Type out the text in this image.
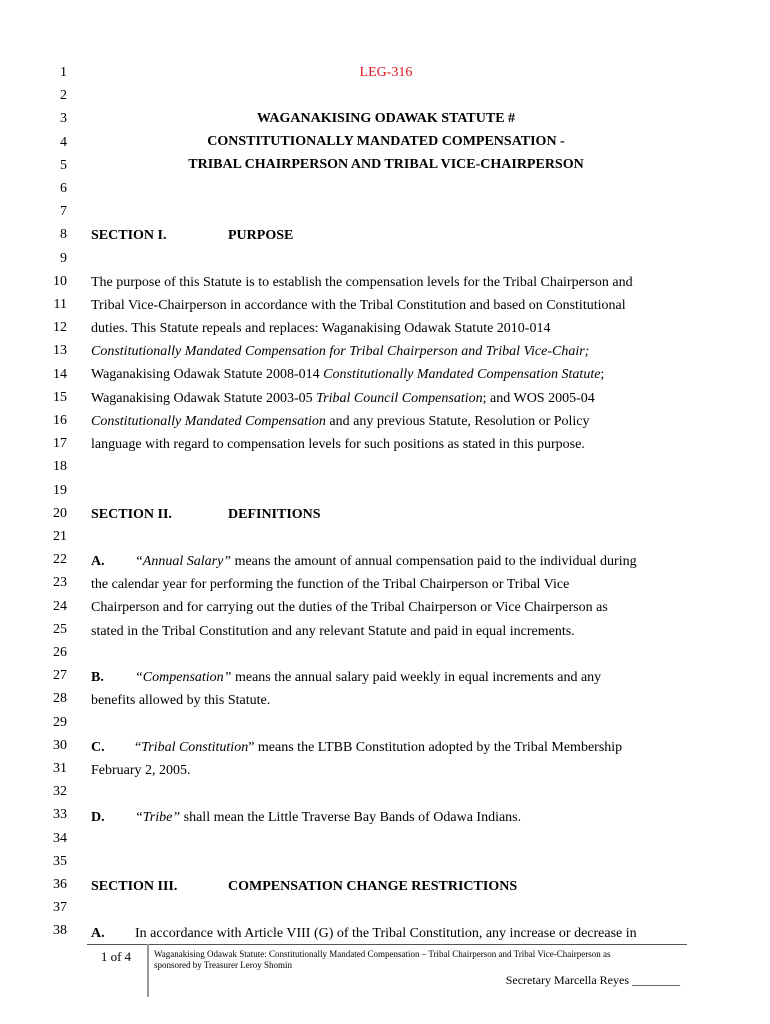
1
2
3
4
5
6
7
8
9
10
11
12
13
14
15
16
17
18
19
20
21
22
23
24
25
26
27
28
29
30
31
32
33
34
35
36
37
38
LEG-316
WAGANAKISING ODAWAK STATUTE #
CONSTITUTIONALLY MANDATED COMPENSATION -
TRIBAL CHAIRPERSON AND TRIBAL VICE-CHAIRPERSON
SECTION I.	PURPOSE
The purpose of this Statute is to establish the compensation levels for the Tribal Chairperson and
Tribal Vice-Chairperson in accordance with the Tribal Constitution and based on Constitutional
duties. This Statute repeals and replaces: Waganakising Odawak Statute 2010-014
Constitutionally Mandated Compensation for Tribal Chairperson and Tribal Vice-Chair;
Waganakising Odawak Statute 2008-014 Constitutionally Mandated Compensation Statute;
Waganakising Odawak Statute 2003-05 Tribal Council Compensation; and WOS 2005-04
Constitutionally Mandated Compensation and any previous Statute, Resolution or Policy
language with regard to compensation levels for such positions as stated in this purpose.
SECTION II.	DEFINITIONS
A. “Annual Salary” means the amount of annual compensation paid to the individual during
the calendar year for performing the function of the Tribal Chairperson or Tribal Vice
Chairperson and for carrying out the duties of the Tribal Chairperson or Vice Chairperson as
stated in the Tribal Constitution and any relevant Statute and paid in equal increments.
B. “Compensation” means the annual salary paid weekly in equal increments and any
benefits allowed by this Statute.
C. “Tribal Constitution” means the LTBB Constitution adopted by the Tribal Membership
February 2, 2005.
D. “Tribe” shall mean the Little Traverse Bay Bands of Odawa Indians.
SECTION III.	COMPENSATION CHANGE RESTRICTIONS
A. In accordance with Article VIII (G) of the Tribal Constitution, any increase or decrease in
1 of 4	Waganakising Odawak Statute: Constitutionally Mandated Compensation – Tribal Chairperson and Tribal Vice-Chairperson as
sponsored by Treasurer Leroy Shomin
Secretary Marcella Reyes ________
